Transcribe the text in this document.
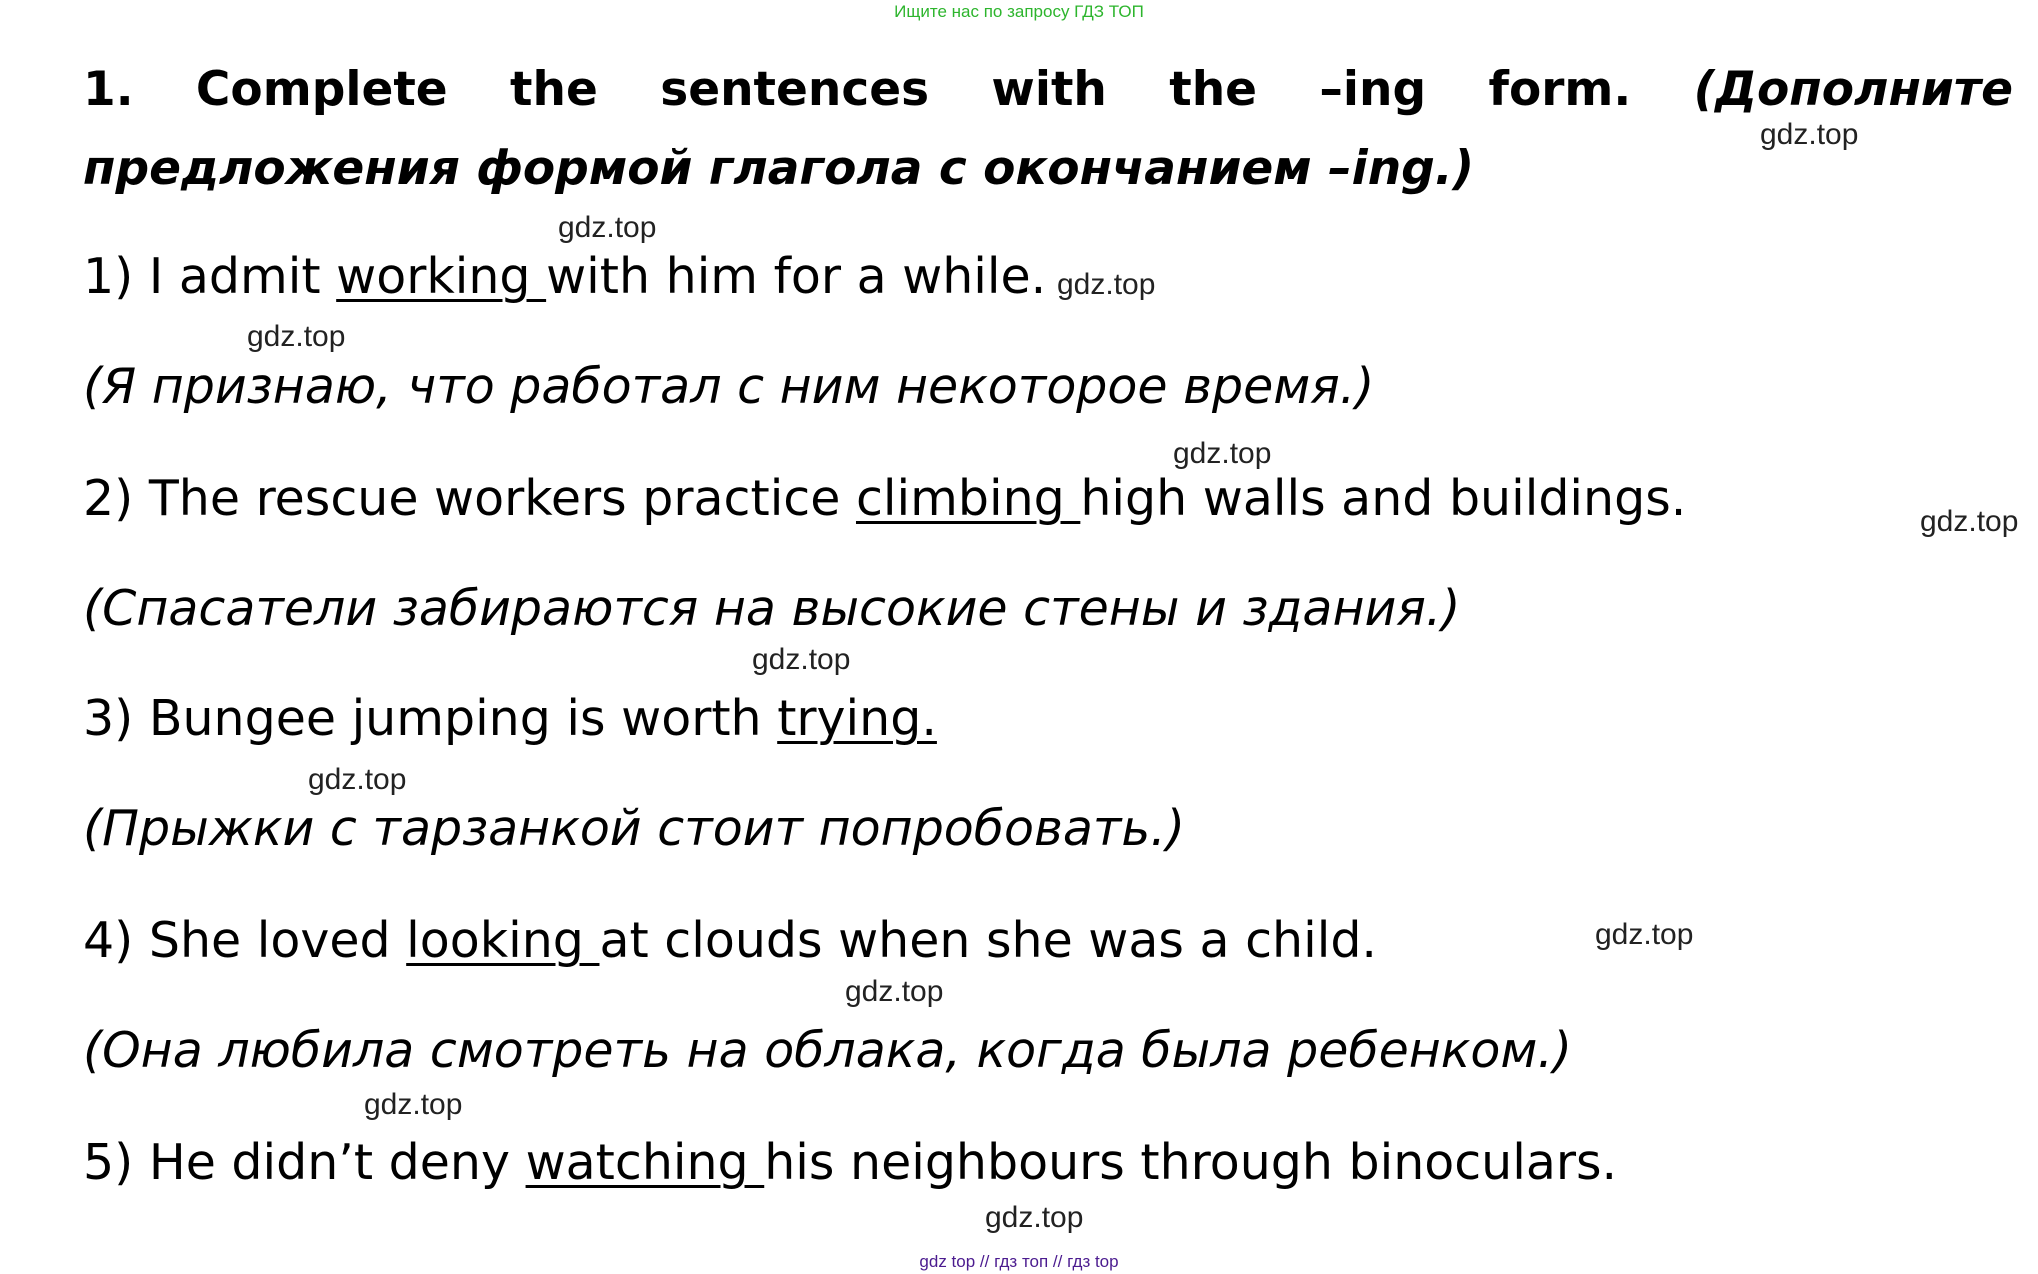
Ищите нас по запросу ГДЗ ТОП

1. Complete the sentences with the –ing form. (Дополните предложения формой глагола с окончанием –ing.)

1) I admit working with him for a while.

(Я признаю, что работал с ним некоторое время.)

2) The rescue workers practice climbing high walls and buildings.

(Спасатели забираются на высокие стены и здания.)

3) Bungee jumping is worth trying.

(Прыжки с тарзанкой стоит попробовать.)

4) She loved looking at clouds when she was a child.

(Она любила смотреть на облака, когда была ребенком.)

5) He didn’t deny watching his neighbours through binoculars.

gdz.top
gdz.top
gdz.top
gdz.top
gdz.top
gdz.top
gdz.top
gdz.top
gdz.top
gdz.top
gdz.top
gdz.top
gdz top // гдз топ // гдз top
